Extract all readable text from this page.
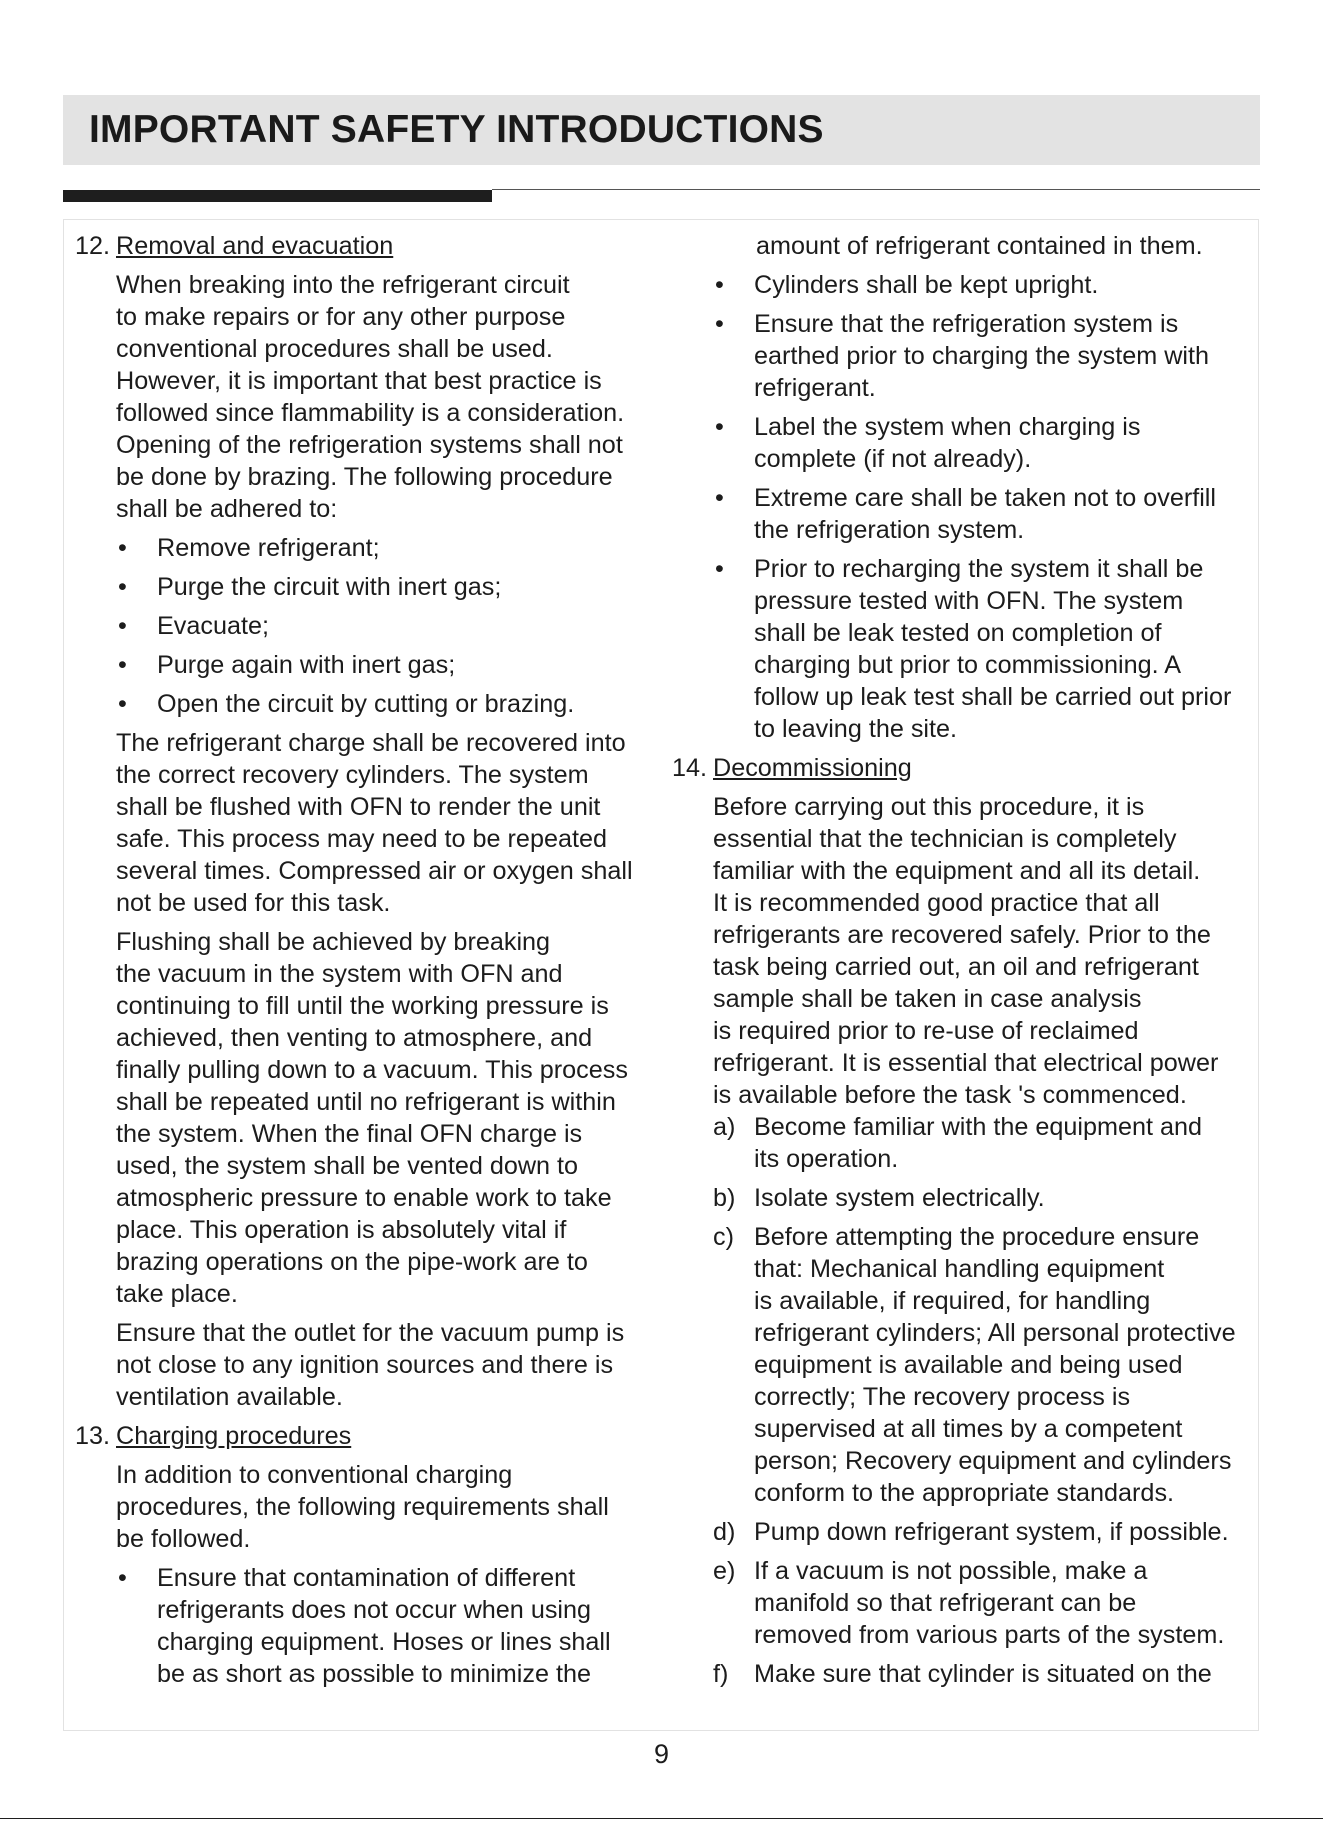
IMPORTANT SAFETY INTRODUCTIONS
12. Removal and evacuation

When breaking into the refrigerant circuit
to make repairs or for any other purpose
conventional procedures shall be used.
However, it is important that best practice is
followed since flammability is a consideration.
Opening of the refrigeration systems shall not
be done by brazing. The following procedure
shall be adhered to:

•	Remove refrigerant;
•	Purge the circuit with inert gas;
•	Evacuate;
•	Purge again with inert gas;
•	Open the circuit by cutting or brazing.

The refrigerant charge shall be recovered into
the correct recovery cylinders. The system
shall be flushed with OFN to render the unit
safe. This process may need to be repeated
several times. Compressed air or oxygen shall
not be used for this task.

Flushing shall be achieved by breaking
the vacuum in the system with OFN and
continuing to fill until the working pressure is
achieved, then venting to atmosphere, and
finally pulling down to a vacuum. This process
shall be repeated until no refrigerant is within
the system. When the final OFN charge is
used, the system shall be vented down to
atmospheric pressure to enable work to take
place. This operation is absolutely vital if
brazing operations on the pipe-work are to
take place.

Ensure that the outlet for the vacuum pump is
not close to any ignition sources and there is
ventilation available.

13. Charging procedures

In addition to conventional charging
procedures, the following requirements shall
be followed.

•	Ensure that contamination of different
refrigerants does not occur when using
charging equipment. Hoses or lines shall
be as short as possible to minimize the

amount of refrigerant contained in them.

•	Cylinders shall be kept upright.
•	Ensure that the refrigeration system is
earthed prior to charging the system with
refrigerant.
•	Label the system when charging is
complete (if not already).
•	Extreme care shall be taken not to overfill
the refrigeration system.
•	Prior to recharging the system it shall be
pressure tested with OFN. The system
shall be leak tested on completion of
charging but prior to commissioning. A
follow up leak test shall be carried out prior
to leaving the site.
14. Decommissioning

Before carrying out this procedure, it is
essential that the technician is completely
familiar with the equipment and all its detail.
It is recommended good practice that all
refrigerants are recovered safely. Prior to the
task being carried out, an oil and refrigerant
sample shall be taken in case analysis
is required prior to re-use of reclaimed
refrigerant. It is essential that electrical power
is available before the task 's commenced.

a) Become familiar with the equipment and
its operation.
b) Isolate system electrically.
c) Before attempting the procedure ensure
that: Mechanical handling equipment
is available, if required, for handling
refrigerant cylinders; All personal protective
equipment is available and being used
correctly; The recovery process is
supervised at all times by a competent
person; Recovery equipment and cylinders
conform to the appropriate standards.
d) Pump down refrigerant system, if possible.
e) If a vacuum is not possible, make a
manifold so that refrigerant can be
removed from various parts of the system.
f)	Make sure that cylinder is situated on the
9
